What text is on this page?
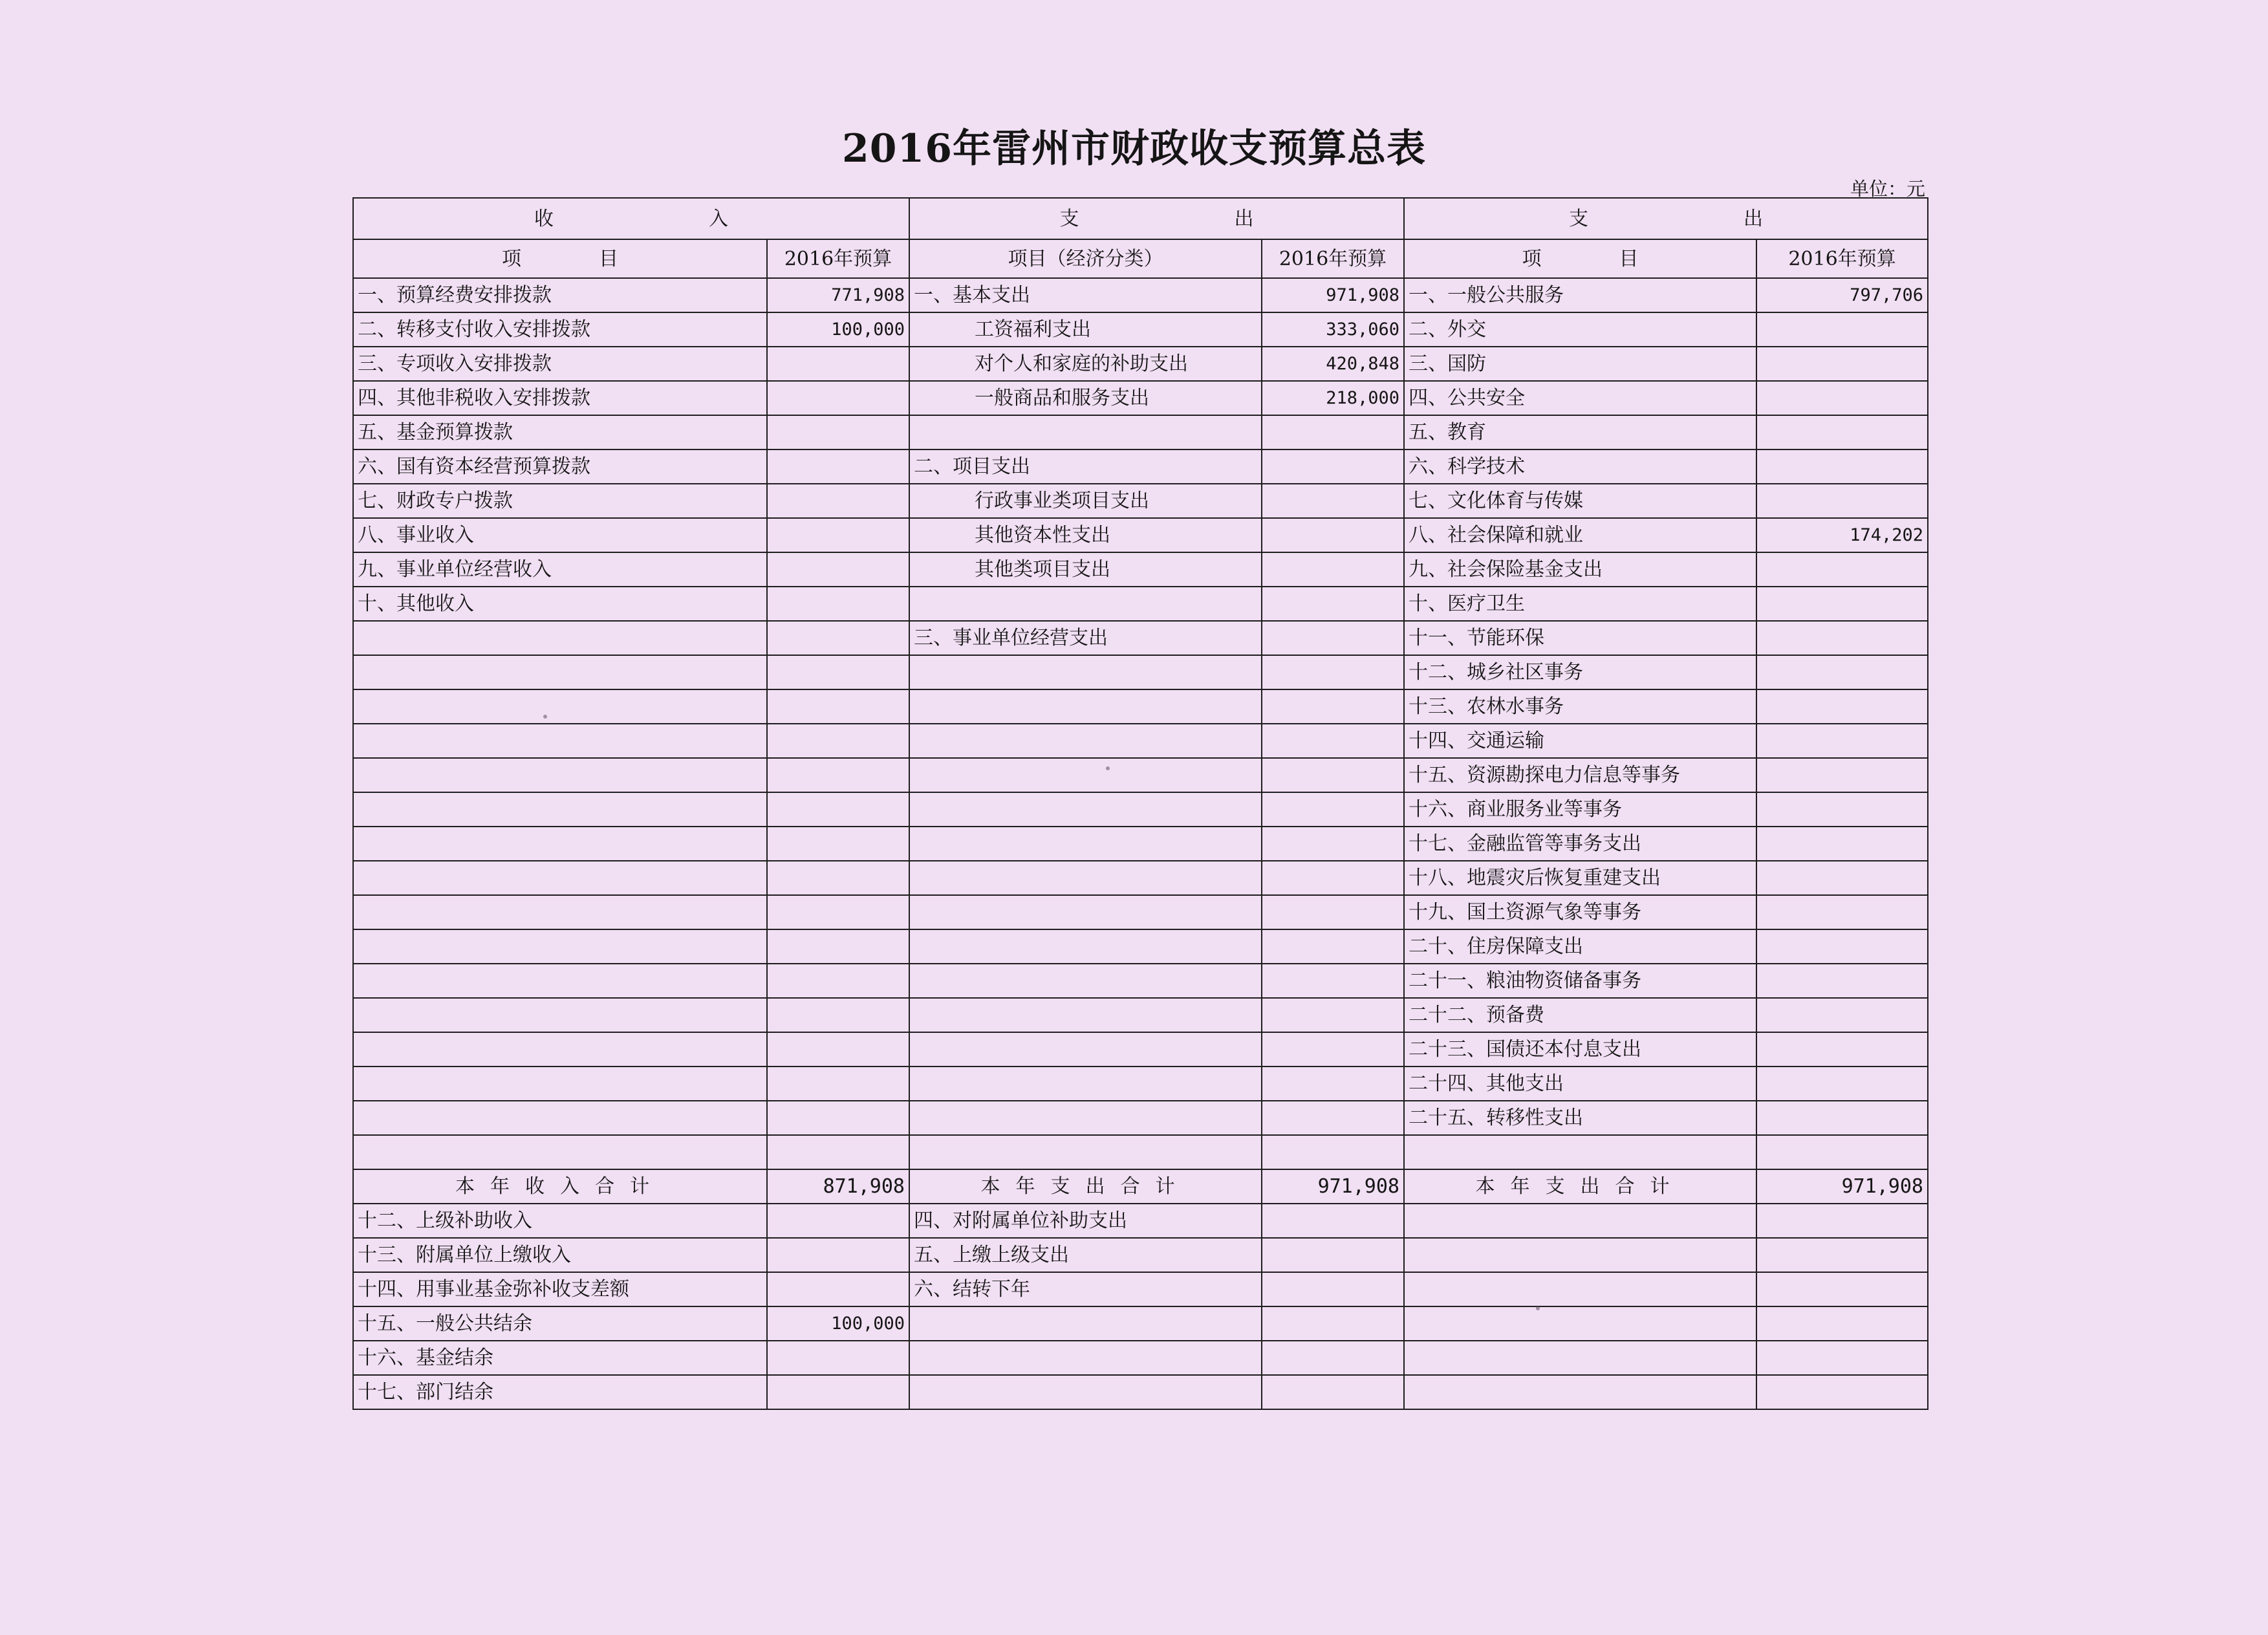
2016年雷州市财政收支预算总表
单位：元
收　　　　　　　　入		支　　　　　　　　出		支　　　　　　　　出	
项　　　　目	2016年预算	项目（经济分类）	2016年预算	项　　　　目	2016年预算
一、预算经费安排拨款	771,908	一、基本支出	971,908	一、一般公共服务	797,706
二、转移支付收入安排拨款	100,000	工资福利支出	333,060	二、外交	
三、专项收入安排拨款		对个人和家庭的补助支出	420,848	三、国防	
四、其他非税收入安排拨款		一般商品和服务支出	218,000	四、公共安全	
五、基金预算拨款				五、教育	
六、国有资本经营预算拨款		二、项目支出		六、科学技术	
七、财政专户拨款		行政事业类项目支出		七、文化体育与传媒	
八、事业收入		其他资本性支出		八、社会保障和就业	174,202
九、事业单位经营收入		其他类项目支出		九、社会保险基金支出	
十、其他收入				十、医疗卫生	
		三、事业单位经营支出		十一、节能环保	
				十二、城乡社区事务	
				十三、农林水事务	
				十四、交通运输	
				十五、资源勘探电力信息等事务	
				十六、商业服务业等事务	
				十七、金融监管等事务支出	
				十八、地震灾后恢复重建支出	
				十九、国土资源气象等事务	
				二十、住房保障支出	
				二十一、粮油物资储备事务	
				二十二、预备费	
				二十三、国债还本付息支出	
				二十四、其他支出	
				二十五、转移性支出	

本年收入合计	871,908	本年支出合计	971,908	本年支出合计	971,908
十二、上级补助收入		四、对附属单位补助支出			
十三、附属单位上缴收入		五、上缴上级支出			
十四、用事业基金弥补收支差额		六、结转下年			
十五、一般公共结余	100,000				
十六、基金结余					
十七、部门结余					
